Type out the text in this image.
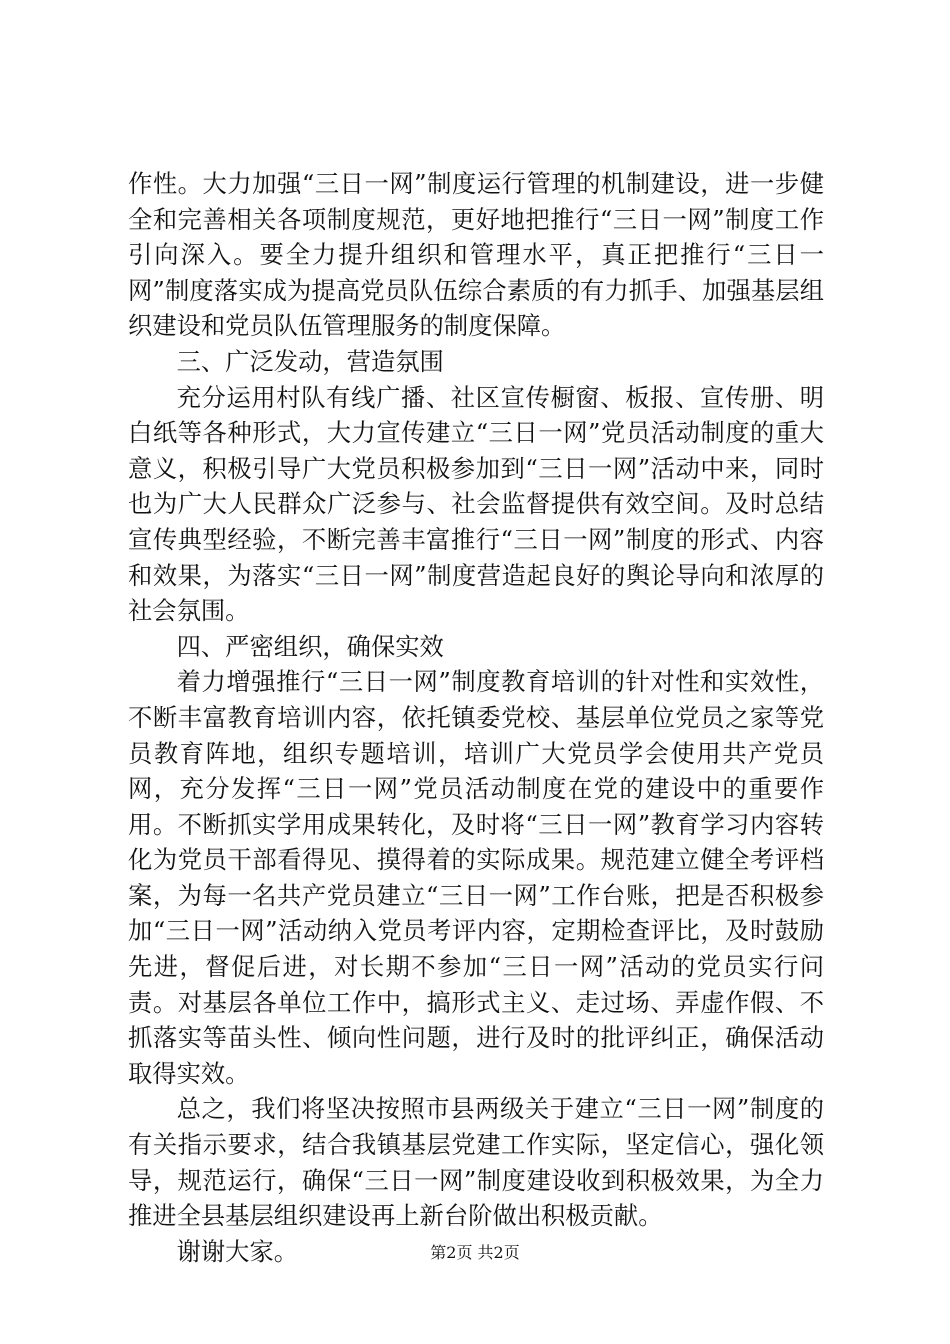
作性。大力加强“三日一网”制度运行管理的机制建设，进一步健全和完善相关各项制度规范，更好地把推行“三日一网”制度工作引向深入。要全力提升组织和管理水平，真正把推行“三日一网”制度落实成为提高党员队伍综合素质的有力抓手、加强基层组织建设和党员队伍管理服务的制度保障。

三、广泛发动，营造氛围

充分运用村队有线广播、社区宣传橱窗、板报、宣传册、明白纸等各种形式，大力宣传建立“三日一网”党员活动制度的重大意义，积极引导广大党员积极参加到“三日一网”活动中来，同时也为广大人民群众广泛参与、社会监督提供有效空间。及时总结宣传典型经验，不断完善丰富推行“三日一网”制度的形式、内容和效果，为落实“三日一网”制度营造起良好的舆论导向和浓厚的社会氛围。

四、严密组织，确保实效

着力增强推行“三日一网”制度教育培训的针对性和实效性，不断丰富教育培训内容，依托镇委党校、基层单位党员之家等党员教育阵地，组织专题培训，培训广大党员学会使用共产党员网，充分发挥“三日一网”党员活动制度在党的建设中的重要作用。不断抓实学用成果转化，及时将“三日一网”教育学习内容转化为党员干部看得见、摸得着的实际成果。规范建立健全考评档案，为每一名共产党员建立“三日一网”工作台账，把是否积极参加“三日一网”活动纳入党员考评内容，定期检查评比，及时鼓励先进，督促后进，对长期不参加“三日一网”活动的党员实行问责。对基层各单位工作中，搞形式主义、走过场、弄虚作假、不抓落实等苗头性、倾向性问题，进行及时的批评纠正，确保活动取得实效。

总之，我们将坚决按照市县两级关于建立“三日一网”制度的有关指示要求，结合我镇基层党建工作实际，坚定信心，强化领导，规范运行，确保“三日一网”制度建设收到积极效果，为全力推进全县基层组织建设再上新台阶做出积极贡献。

谢谢大家。	第2页 共2页
